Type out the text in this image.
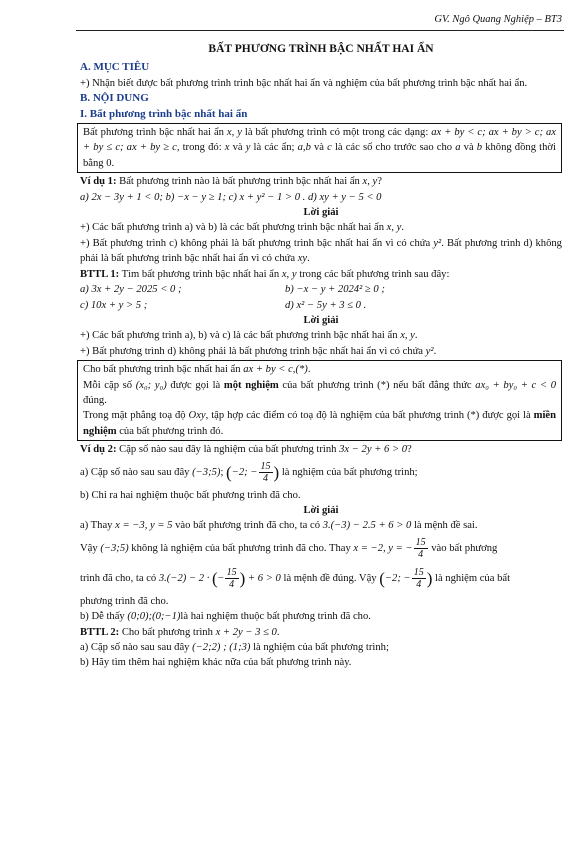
GV. Ngô Quang Nghiệp – BT3

BẤT PHƯƠNG TRÌNH BẬC NHẤT HAI ẨN

A. MỤC TIÊU

+) Nhận biết được bất phương trình trình bậc nhất hai ẩn và nghiệm của bất phương trình bậc nhất hai ẩn.

B. NỘI DUNG

I. Bất phương trình bậc nhất hai ẩn

Bất phương trình bậc nhất hai ẩn x, y là bất phương trình có một trong các dạng: ax + by < c; ax + by > c; ax + by ≤ c; ax + by ≥ c, trong đó: x và y là các ẩn; a,b và c là các số cho trước sao cho a và b không đồng thời bằng 0.

Ví dụ 1: Bất phương trình nào là bất phương trình bậc nhất hai ẩn x, y?

a) 2x − 3y + 1 < 0; b) −x − y ≥ 1; c) x + y² − 1 > 0 . d) xy + y − 5 < 0

Lời giải

+) Các bất phương trình a) và b) là các bất phương trình bậc nhất hai ẩn x, y.

+) Bất phương trình c) không phải là bất phương trình bậc nhất hai ẩn vì có chứa y². Bất phương trình d) không phải là bất phương trình bậc nhất hai ẩn vì có chứa xy.

BTTL 1: Tìm bất phương trình bậc nhất hai ẩn x, y trong các bất phương trình sau đây:

a) 3x + 2y − 2025 < 0 ;	b) −x − y + 2024² ≥ 0 ;
c) 10x + y > 5 ;	d) x² − 5y + 3 ≤ 0 .

Lời giải

+) Các bất phương trình a), b) và c) là các bất phương trình bậc nhất hai ẩn x, y.

+) Bất phương trình d) không phải là bất phương trình bậc nhất hai ẩn vì có chứa y².

Cho bất phương trình bậc nhất hai ẩn ax + by < c,(*).

Mỗi cặp số (x₀; y₀) được gọi là một nghiệm của bất phương trình (*) nếu bất đẳng thức ax₀ + by₀ + c < 0 đúng.

Trong mặt phẳng toạ độ Oxy, tập hợp các điểm có toạ độ là nghiệm của bất phương trình (*) được gọi là miền nghiệm của bất phương trình đó.

Ví dụ 2: Cặp số nào sau đây là nghiệm của bất phương trình 3x − 2y + 6 > 0?

a) Cặp số nào sau sau đây (−3;5); (−2; − $\frac{15}{4}$ ) là nghiệm của bất phương trình;

b) Chỉ ra hai nghiệm thuộc bất phương trình đã cho.

Lời giải

a) Thay x = −3, y = 5 vào bất phương trình đã cho, ta có 3.(−3) − 2.5 + 6 > 0 là mệnh đề sai.

Vậy (−3;5) không là nghiệm của bất phương trình đã cho. Thay x = −2, y = − $\frac{15}{4}$ vào bất phương

trình đã cho, ta có 3.(−2) − 2 · (− $\frac{15}{4}$ ) + 6 > 0 là mệnh đề đúng. Vậy (−2; − $\frac{15}{4}$ ) là nghiệm của bất

phương trình đã cho.

b) Dễ thấy (0;0);(0;−1)là hai nghiệm thuộc bất phương trình đã cho.

BTTL 2: Cho bất phương trình x + 2y − 3 ≤ 0.

a) Cặp số nào sau sau đây (−2;2) ; (1;3) là nghiệm của bất phương trình;

b) Hãy tìm thêm hai nghiệm khác nữa của bất phương trình này.
